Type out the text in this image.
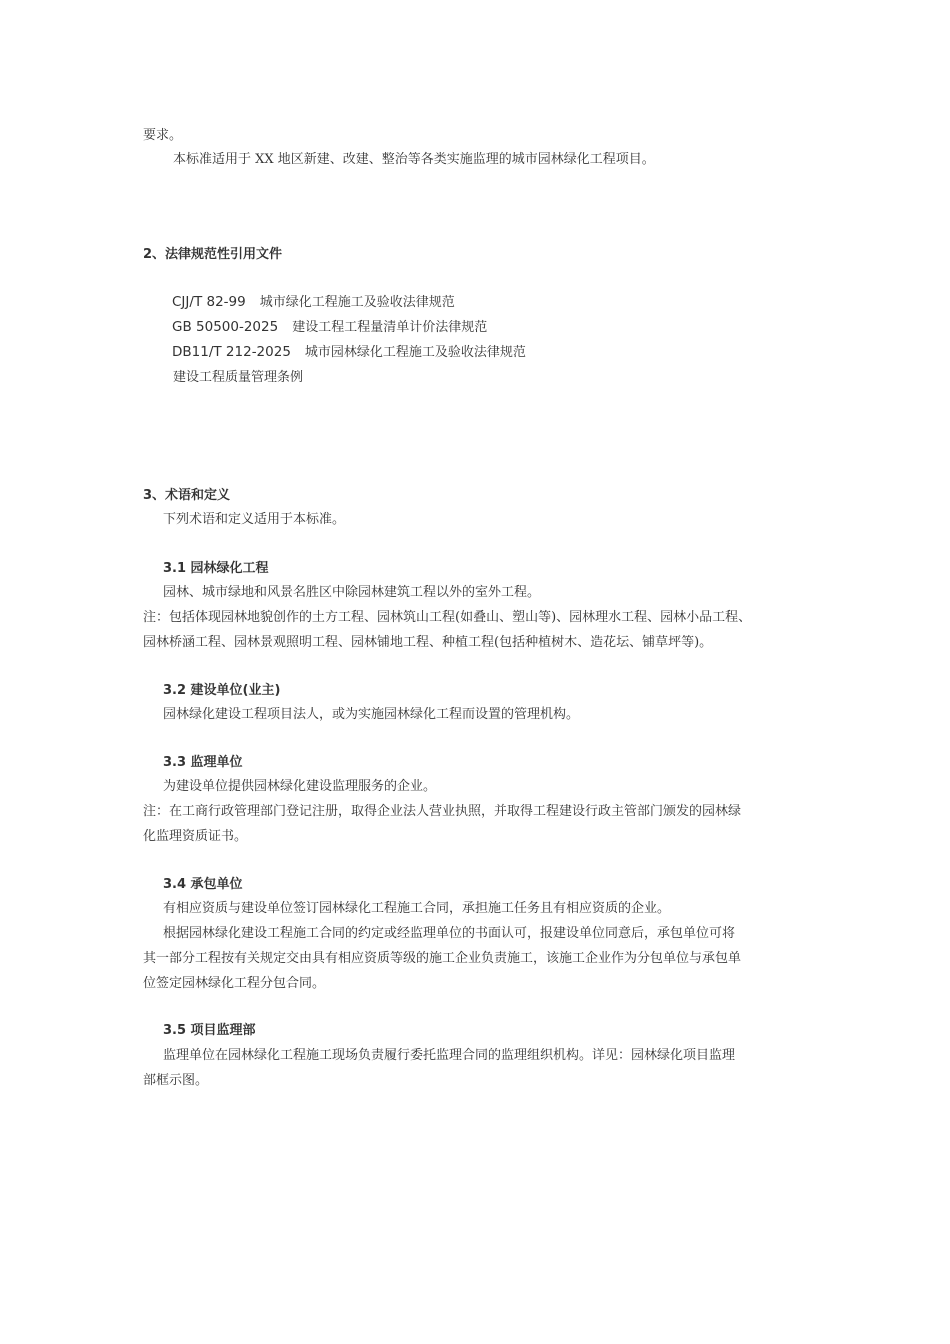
要求。
本标准适用于 XX 地区新建、改建、整治等各类实施监理的城市园林绿化工程项目。
2、法律规范性引用文件
CJJ/T 82-99 城市绿化工程施工及验收法律规范
GB 50500-2025 建设工程工程量清单计价法律规范
DB11/T 212-2025 城市园林绿化工程施工及验收法律规范
建设工程质量管理条例
3、术语和定义
下列术语和定义适用于本标准。
3.1 园林绿化工程
园林、城市绿地和风景名胜区中除园林建筑工程以外的室外工程。
注：包括体现园林地貌创作的土方工程、园林筑山工程(如叠山、塑山等)、园林理水工程、园林小品工程、
园林桥涵工程、园林景观照明工程、园林铺地工程、种植工程(包括种植树木、造花坛、铺草坪等)。
3.2 建设单位(业主)
园林绿化建设工程项目法人，或为实施园林绿化工程而设置的管理机构。
3.3 监理单位
为建设单位提供园林绿化建设监理服务的企业。
注：在工商行政管理部门登记注册，取得企业法人营业执照，并取得工程建设行政主管部门颁发的园林绿
化监理资质证书。
3.4 承包单位
有相应资质与建设单位签订园林绿化工程施工合同，承担施工任务且有相应资质的企业。
根据园林绿化建设工程施工合同的约定或经监理单位的书面认可，报建设单位同意后，承包单位可将
其一部分工程按有关规定交由具有相应资质等级的施工企业负责施工，该施工企业作为分包单位与承包单
位签定园林绿化工程分包合同。
3.5 项目监理部
监理单位在园林绿化工程施工现场负责履行委托监理合同的监理组织机构。详见：园林绿化项目监理
部框示图。
